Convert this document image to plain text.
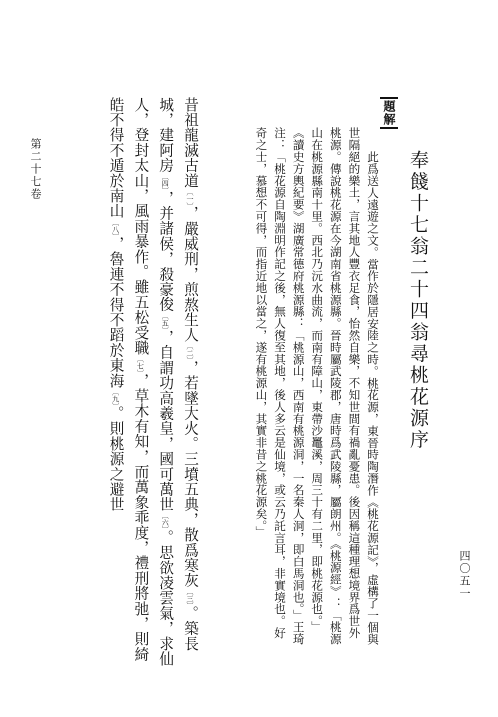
奉餞十七翁二十四翁尋桃花源序
題解

此爲送人遠遊之文。當作於隱居安陸之時。桃花源，東晉時陶潛作《桃花源記》，虛構了一個與世隔絕的樂土，言其地人豐衣足食，怡然自樂，不知世間有禍亂憂患。後因稱這種理想境界爲世外桃源。傳說桃花源在今湖南省桃源縣。晉時屬武陵郡，唐時爲武陵縣，屬朗州。《桃源經》：「桃源山在桃源縣南十里。西北乃沅水曲流，而南有障山，東帶沙鼉溪，周三十有二里，即桃花源也。」《讀史方輿紀要》湖廣常德府桃源縣：「桃源山，西南有桃源洞，一名秦人洞，即白馬洞也。」王琦注：「桃花源自陶淵明作記之後，無人復至其地，後人多云是仙境，或云乃託言耳，非實境也。好奇之士，慕想不可得，而指近地以當之，遂有桃源山，其實非昔之桃花源矣。」

昔祖龍滅古道〔一〕，嚴威刑，煎熬生人〔二〕，若墜大火。三墳五典，散爲寒灰〔三〕。築長城，建阿房〔四〕，并諸侯，殺豪俊〔五〕，自謂功高羲皇，國可萬世〔六〕。思欲凌雲氣，求仙人，登封太山，風雨暴作。雖五松受職〔七〕，草木有知，而萬象乖度，禮刑將弛，則綺皓不得不遁於南山〔八〕，魯連不得不蹈於東海〔九〕。則桃源之避世

第二十七卷
四〇五一
